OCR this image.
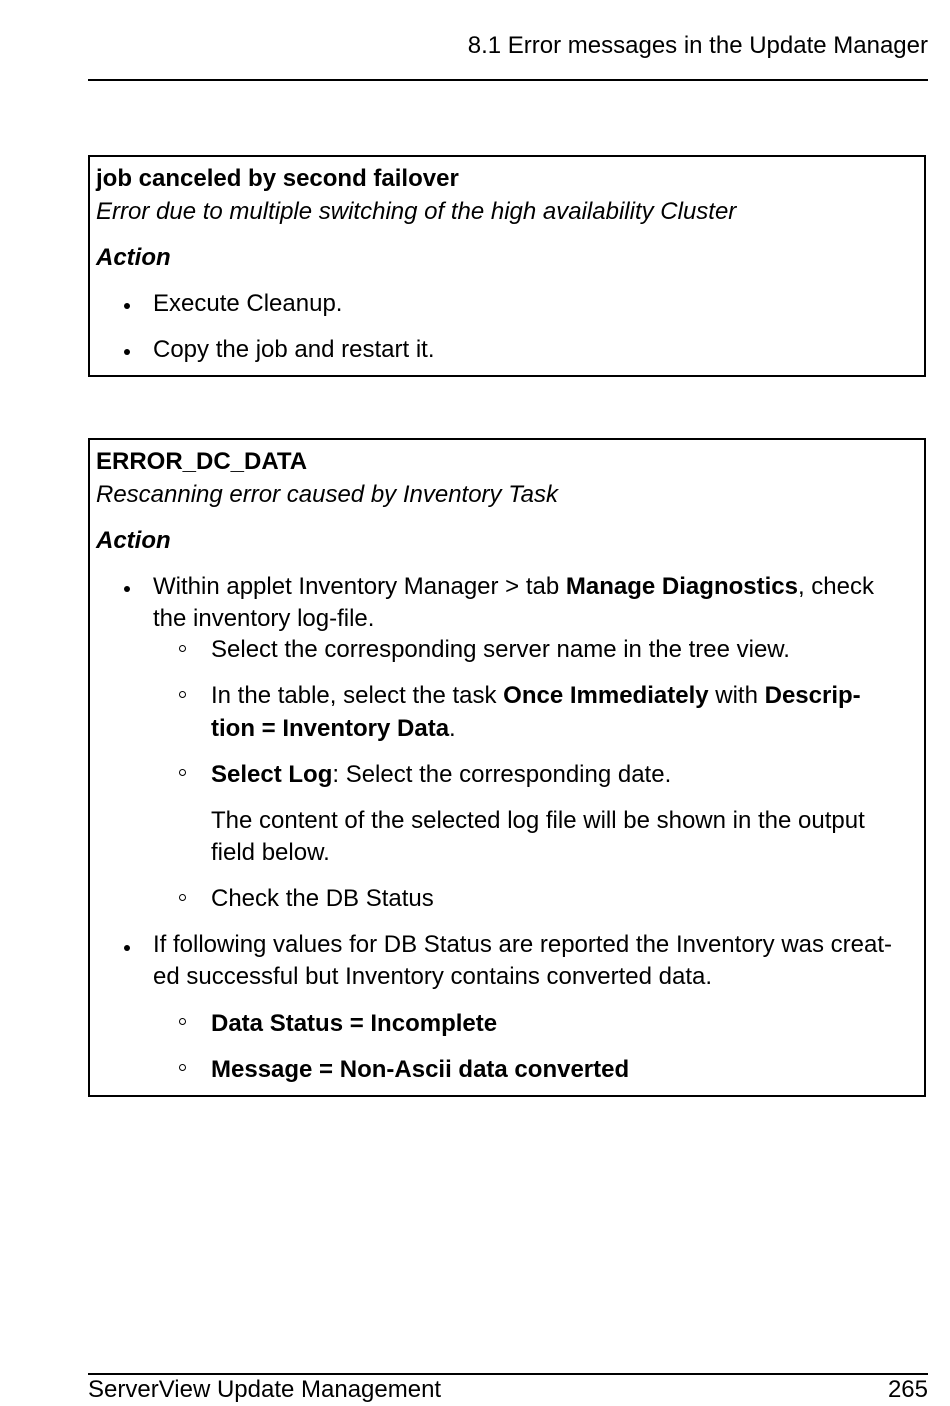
8.1 Error messages in the Update Manager
job canceled by second failover
Error due to multiple switching of the high availability Cluster
Action
Execute Cleanup.
Copy the job and restart it.
ERROR_DC_DATA
Rescanning error caused by Inventory Task
Action
Within applet Inventory Manager > tab Manage Diagnostics, check
the inventory log-file.
Select the corresponding server name in the tree view.
In the table, select the task Once Immediately with Descrip-
tion = Inventory Data.
Select Log: Select the corresponding date.
The content of the selected log file will be shown in the output
field below.
Check the DB Status
If following values for DB Status are reported the Inventory was creat-
ed successful but Inventory contains converted data.
Data Status = Incomplete
Message = Non-Ascii data converted
ServerView Update Management	265
